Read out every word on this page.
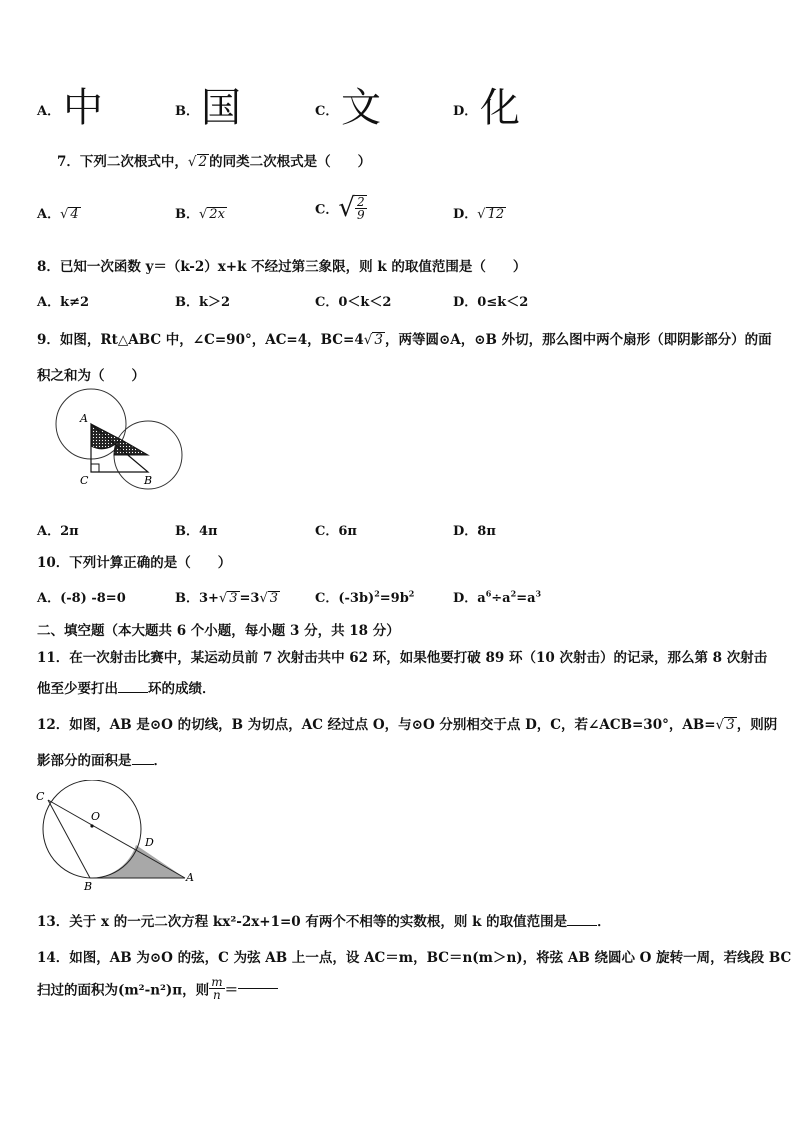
A． 中	B． 国	C． 文	D． 化
7．下列二次根式中，√ 2 的同类二次根式是（　　）
A．√ 4	B．√ 2x	C．√ $\frac{2}{9}$	D．√ 12
8．已知一次函数 y＝（k-2）x+k 不经过第三象限，则 k 的取值范围是（　　）
A．k≠2	B．k＞2	C．0＜k＜2	D．0≤k＜2
9．如图，Rt△ABC 中，∠C=90°，AC=4，BC=4√ 3 ，两等圆⊙A，⊙B 外切，那么图中两个扇形（即阴影部分）的面
积之和为（　　）
A
C	B
A．2π	B．4π	C．6π	D．8π
10．下列计算正确的是（　　）
A．(-8) -8=0	B．3+√ 3 =3√ 3	C．$(-3b)^2=9b^2$	D．$a^6\div a^2=a^3$
二、填空题（本大题共 6 个小题，每小题 3 分，共 18 分）
11．在一次射击比赛中，某运动员前 7 次射击共中 62 环，如果他要打破 89 环（10 次射击）的记录，那么第 8 次射击
他至少要打出 环的成绩．
12．如图，AB 是⊙O 的切线，B 为切点，AC 经过点 O，与⊙O 分别相交于点 D，C，若∠ACB=30°，AB=√ 3 ，则阴
影部分的面积是 ．
C
O
D
B
A
13．关于 x 的一元二次方程 kx²-2x+1=0 有两个不相等的实数根，则 k 的取值范围是 ．
14．如图，AB 为⊙O 的弦，C 为弦 AB 上一点，设 AC＝m，BC＝n(m＞n)，将弦 AB 绕圆心 O 旋转一周，若线段 BC
扫过的面积为(m²-n²)π，则 $\frac{m}{n}$ ＝
